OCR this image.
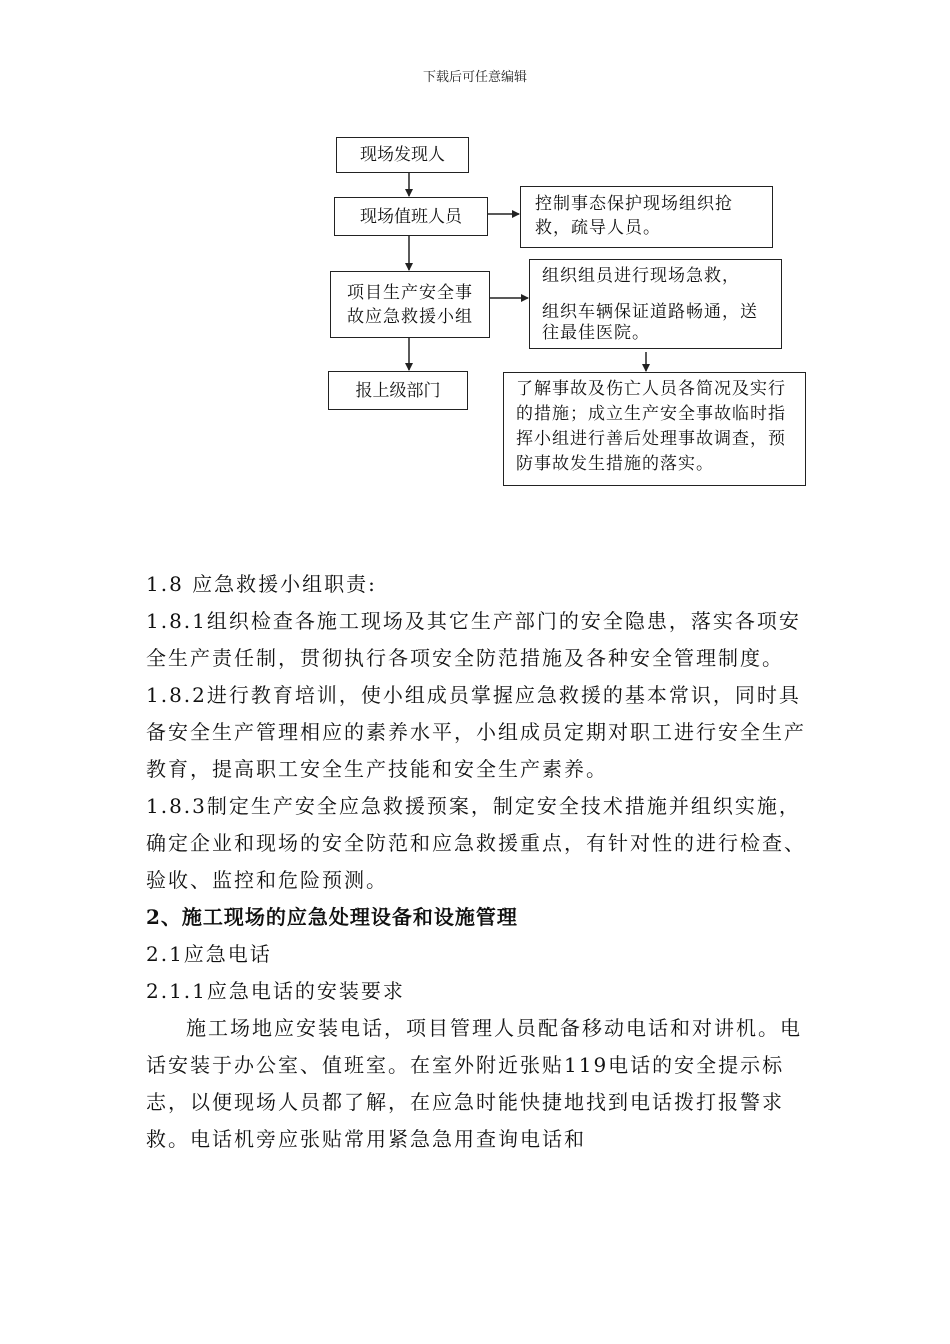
下载后可任意编辑
现场发现人
现场值班人员
控制事态保护现场组织抢救，疏导人员。
项目生产安全事故应急救援小组
组织组员进行现场急救，
组织车辆保证道路畅通，送往最佳医院。
报上级部门	了解事故及伤亡人员各简况及实行的措施；成立生产安全事故临时指挥小组进行善后处理事故调查，预防事故发生措施的落实。

1.8 应急救援小组职责:

1.8.1组织检查各施工现场及其它生产部门的安全隐患，落实各项安全生产责任制，贯彻执行各项安全防范措施及各种安全管理制度。

1.8.2进行教育培训，使小组成员掌握应急救援的基本常识，同时具备安全生产管理相应的素养水平，小组成员定期对职工进行安全生产教育，提高职工安全生产技能和安全生产素养。

1.8.3制定生产安全应急救援预案，制定安全技术措施并组织实施，确定企业和现场的安全防范和应急救援重点，有针对性的进行检查、验收、监控和危险预测。

2、施工现场的应急处理设备和设施管理

2.1应急电话

2.1.1应急电话的安装要求

施工场地应安装电话，项目管理人员配备移动电话和对讲机。电话安装于办公室、值班室。在室外附近张贴119电话的安全提示标志，以便现场人员都了解，在应急时能快捷地找到电话拨打报警求救。电话机旁应张贴常用紧急急用查询电话和
